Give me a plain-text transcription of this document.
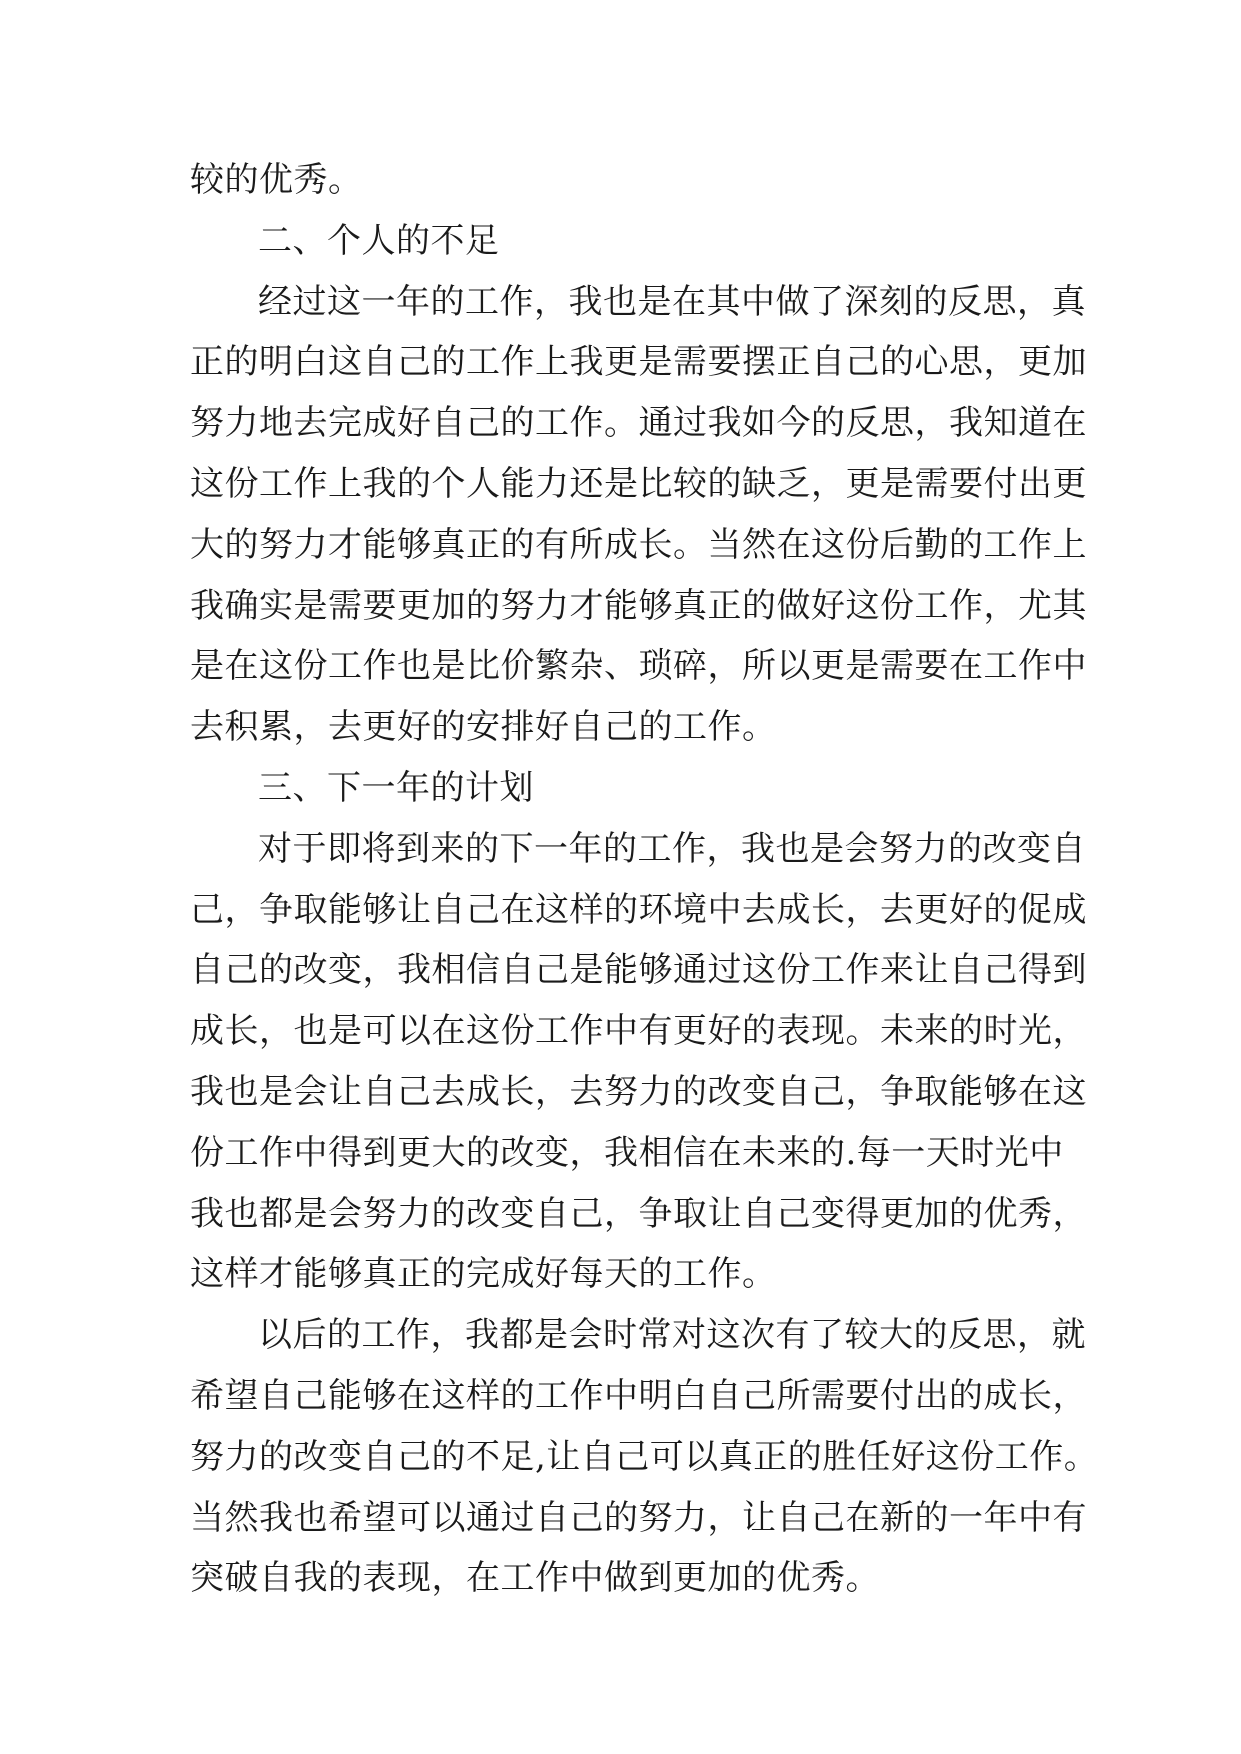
较的优秀。
二、个人的不足
经过这一年的工作，我也是在其中做了深刻的反思，真
正的明白这自己的工作上我更是需要摆正自己的心思，更加
努力地去完成好自己的工作。通过我如今的反思，我知道在
这份工作上我的个人能力还是比较的缺乏，更是需要付出更
大的努力才能够真正的有所成长。当然在这份后勤的工作上
我确实是需要更加的努力才能够真正的做好这份工作，尤其
是在这份工作也是比价繁杂、琐碎，所以更是需要在工作中
去积累，去更好的安排好自己的工作。
三、下一年的计划
对于即将到来的下一年的工作，我也是会努力的改变自
己，争取能够让自己在这样的环境中去成长，去更好的促成
自己的改变，我相信自己是能够通过这份工作来让自己得到
成长，也是可以在这份工作中有更好的表现。未来的时光，
我也是会让自己去成长，去努力的改变自己，争取能够在这
份工作中得到更大的改变，我相信在未来的.每一天时光中
我也都是会努力的改变自己，争取让自己变得更加的优秀，
这样才能够真正的完成好每天的工作。
以后的工作，我都是会时常对这次有了较大的反思，就
希望自己能够在这样的工作中明白自己所需要付出的成长，
努力的改变自己的不足,让自己可以真正的胜任好这份工作。
当然我也希望可以通过自己的努力，让自己在新的一年中有
突破自我的表现，在工作中做到更加的优秀。
